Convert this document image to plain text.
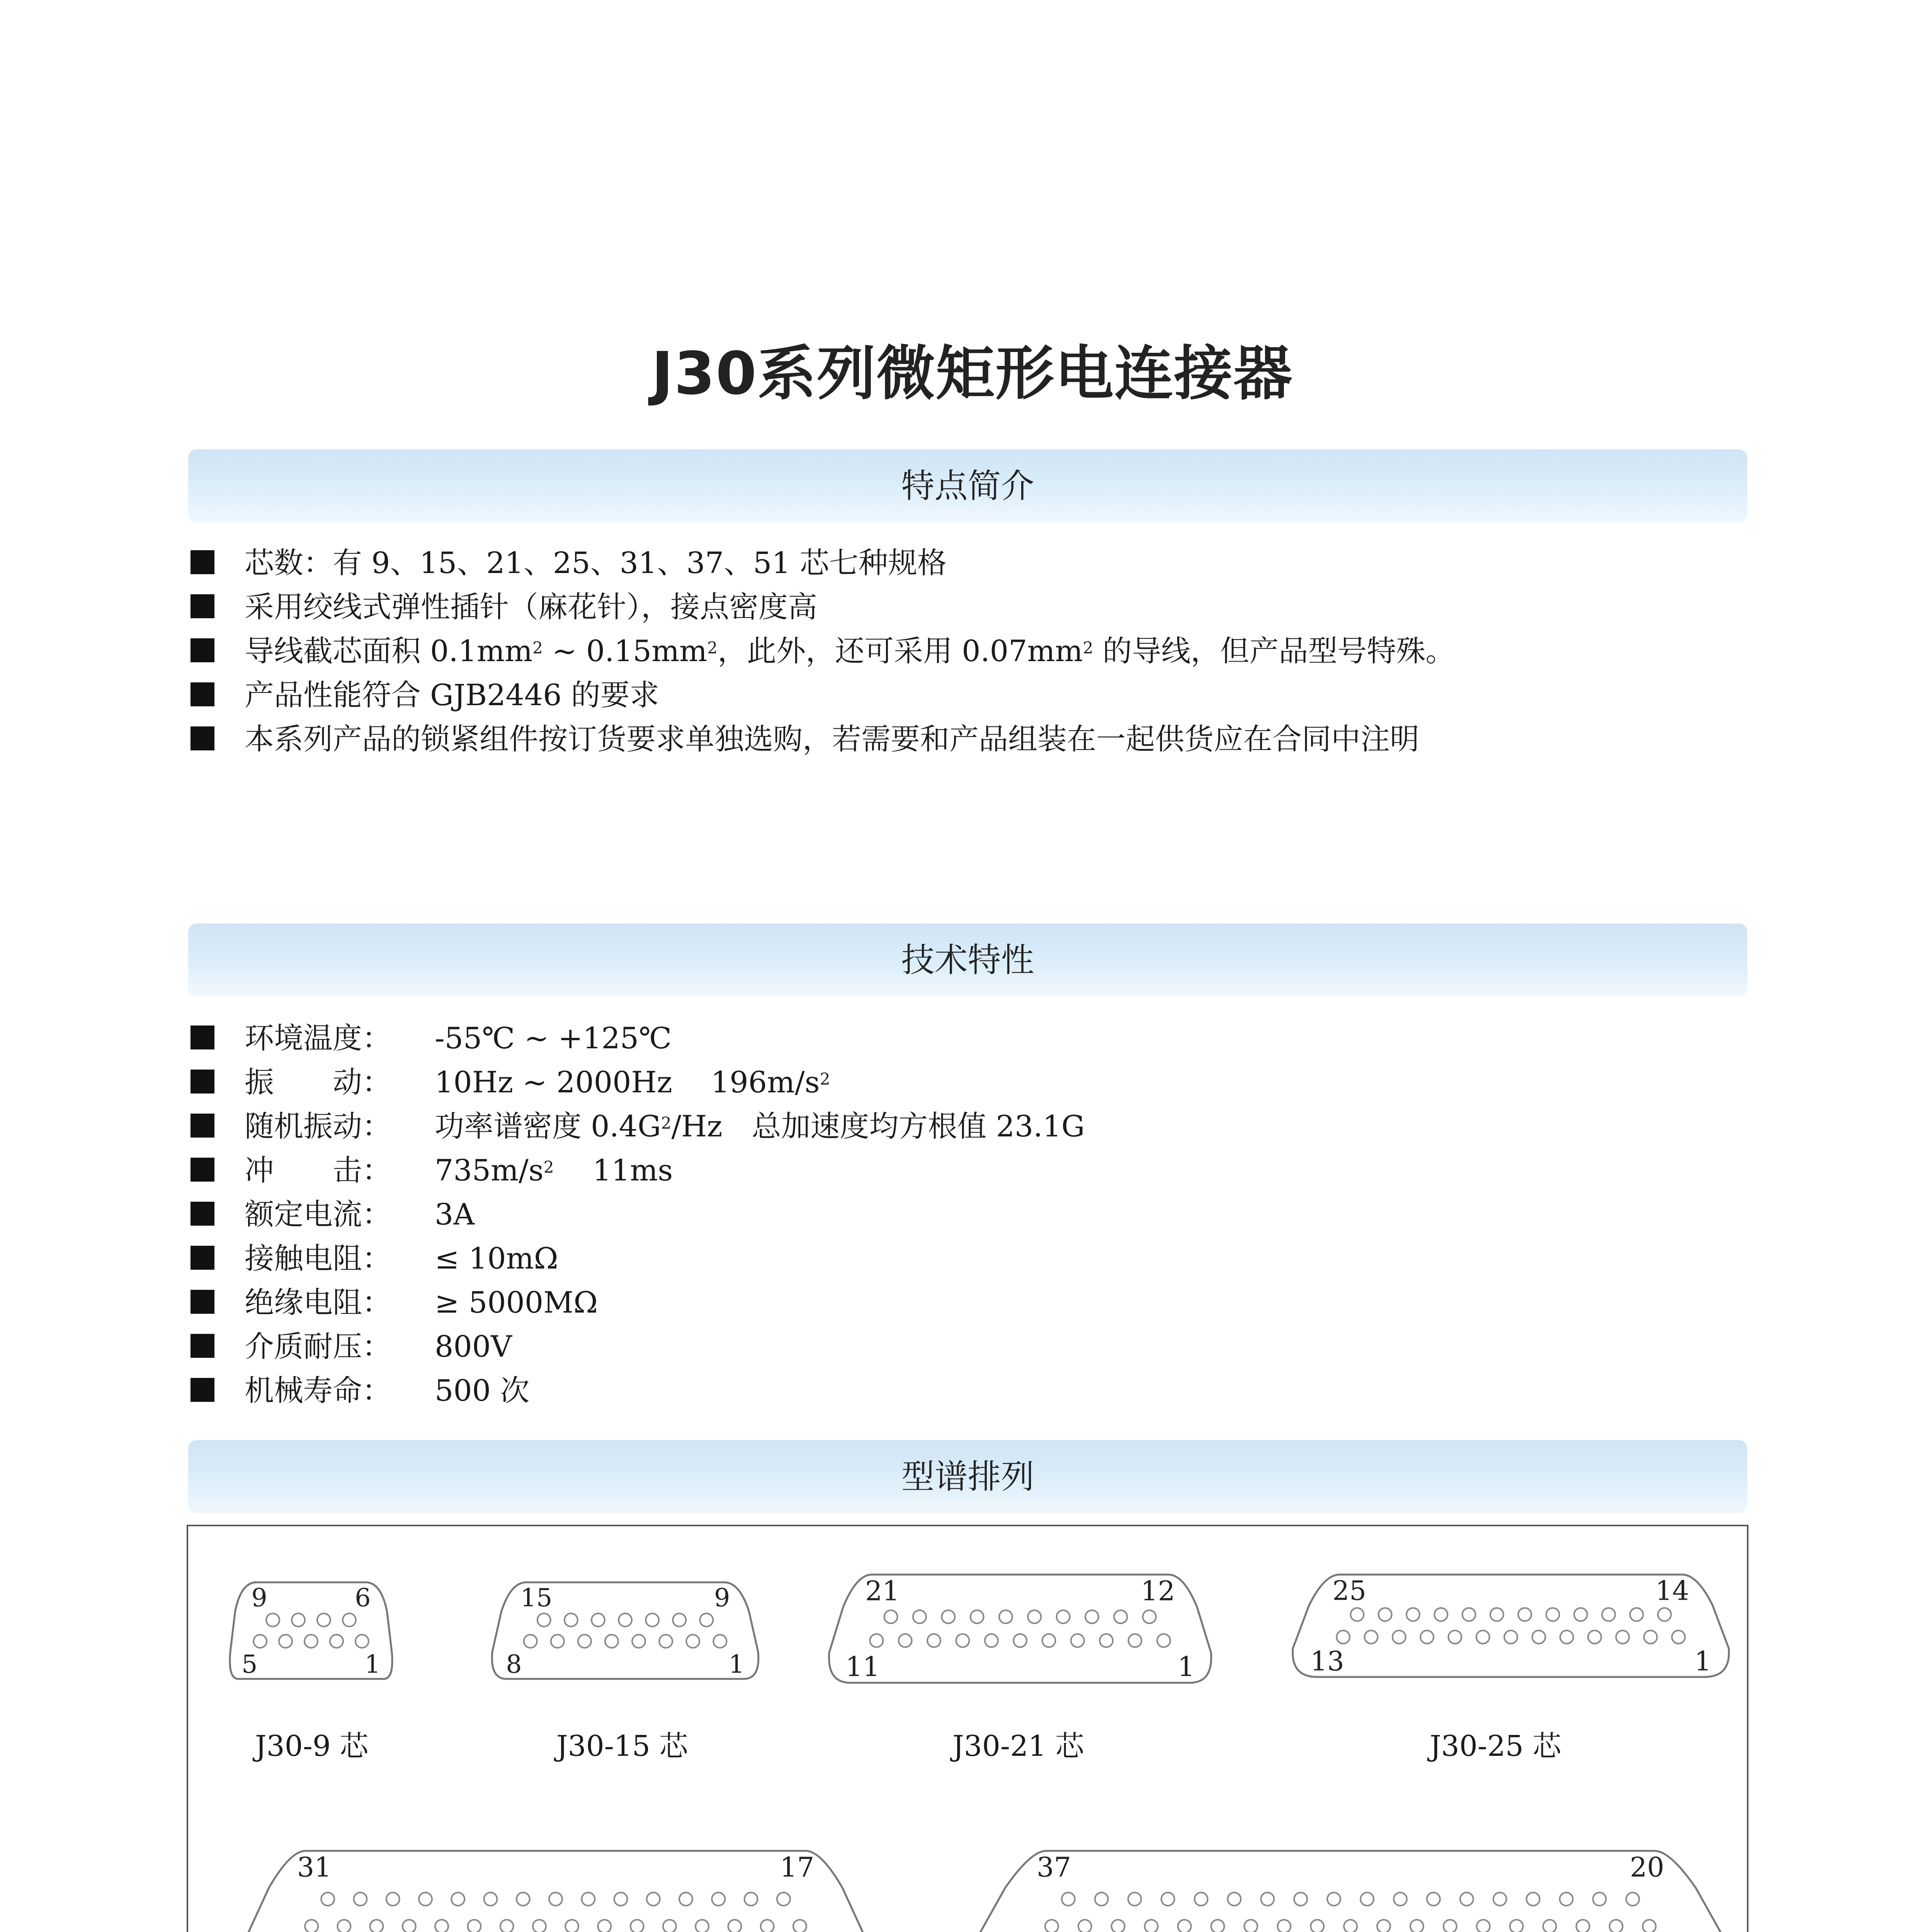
J30系列微矩形电连接器
特点简介
芯数：有 9、15、21、25、31、37、51 芯七种规格
采用绞线式弹性插针（麻花针），接点密度高
导线截芯面积 $0.1mm^2$ ~ $0.15mm^2$，此外，还可采用 $0.07mm^2$ 的导线，但产品型号特殊。
产品性能符合 GJB2446 的要求
本系列产品的锁紧组件按订货要求单独选购，若需要和产品组装在一起供货应在合同中注明
技术特性
环境温度： -55℃ ~ +125℃
振　　动： 10Hz ~ 2000Hz　 $196m/s^2$
随机振动： 功率谱密度 $0.4G^2/Hz$　总加速度均方根值 23.1G
冲　　击： $735m/s^2$　 11ms
额定电流： 3A
接触电阻： ≤ 10mΩ
绝缘电阻： ≥ 5000MΩ
介质耐压： 800V
机械寿命： 500 次
型谱排列
9	6
5	1
15	9
8	1
21	12
11	1
25	14
13	1
31	17	37	20
J30-9 芯	J30-15 芯	J30-21 芯	J30-25 芯
